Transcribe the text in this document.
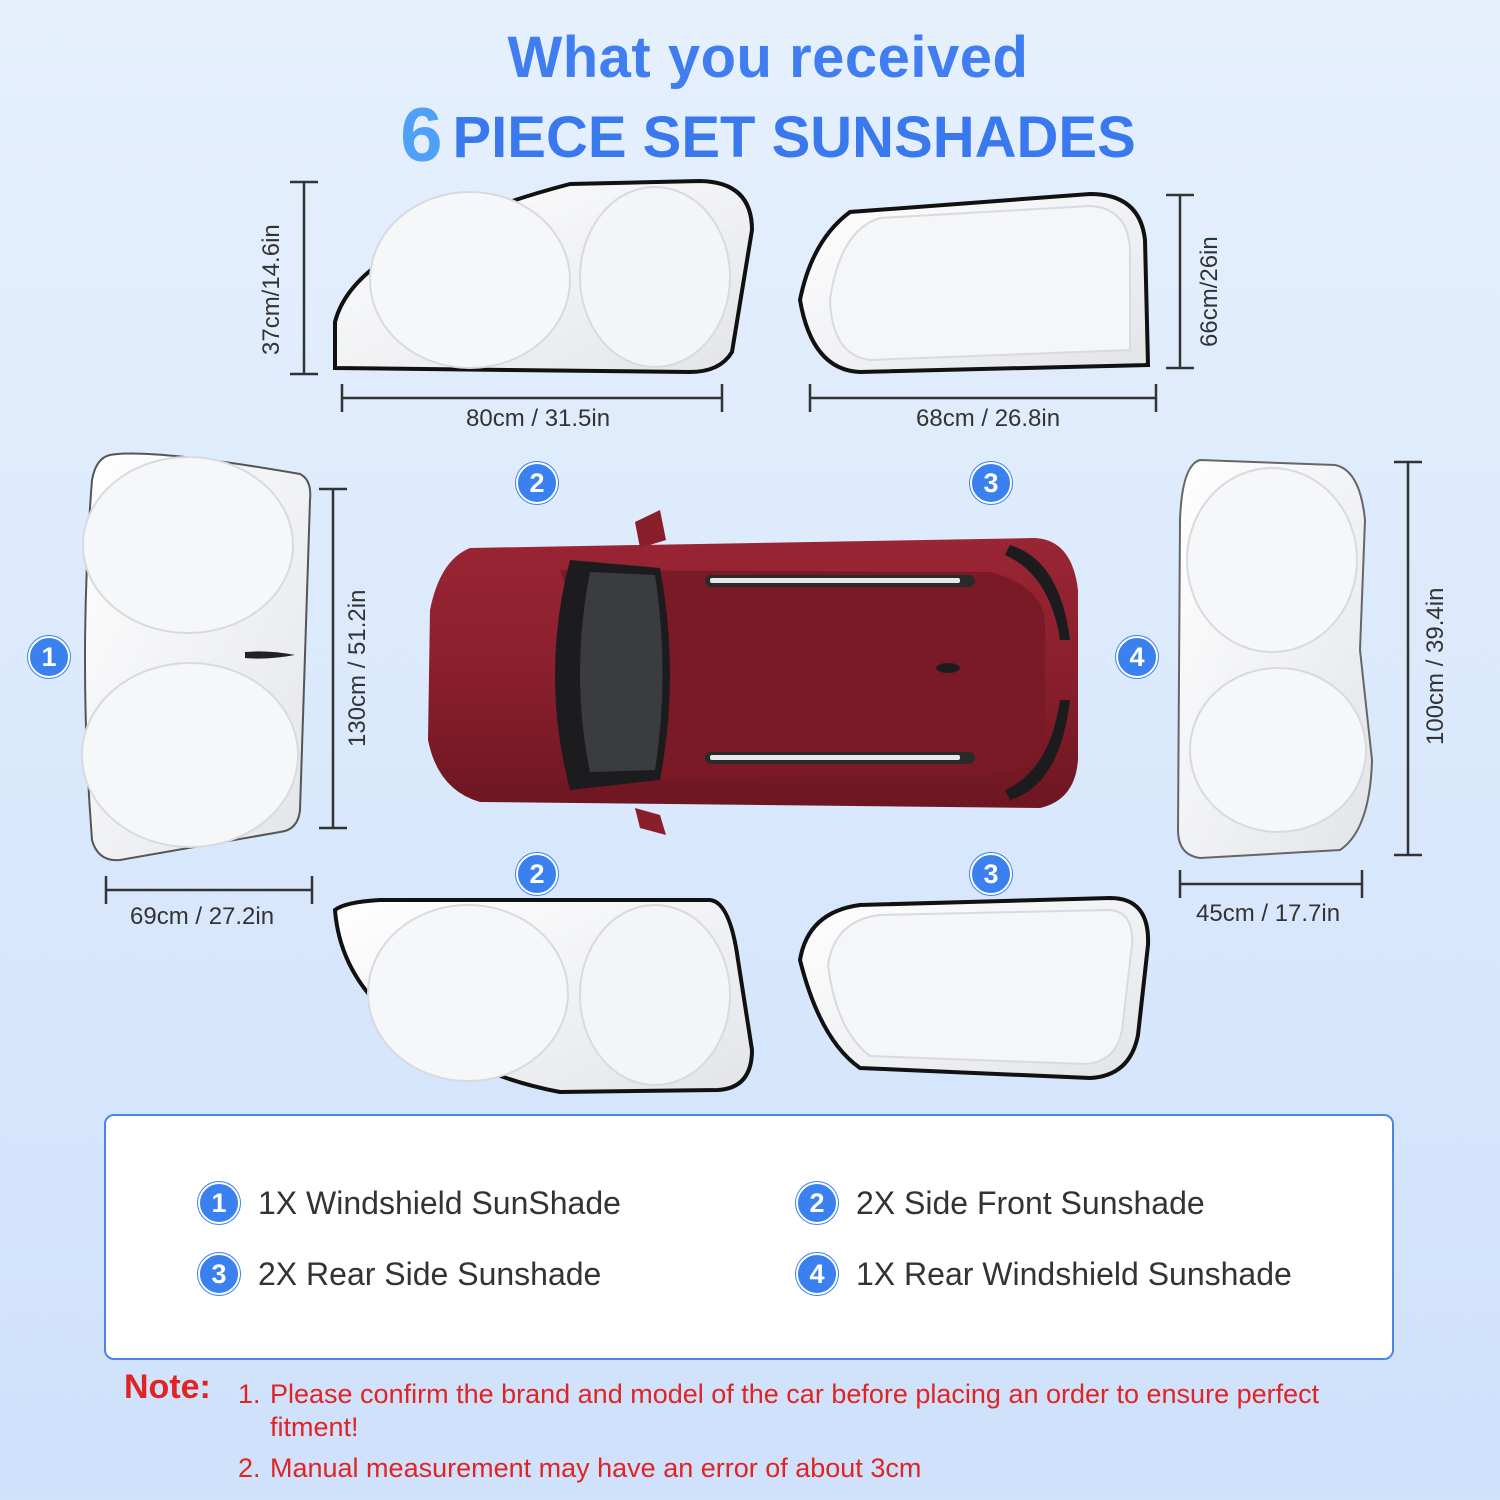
What you received
6 PIECE SET SUNSHADES
37cm/14.6in
80cm / 31.5in
66cm/26in
68cm / 26.8in
130cm / 51.2in
69cm / 27.2in
100cm / 39.4in
45cm / 17.7in
1
2	3
4
2	3
1 1X Windshield SunShade	2 2X Side Front Sunshade
3 2X Rear Side Sunshade	4 1X Rear Windshield Sunshade
Note: 1. Please confirm the brand and model of the car before placing an order to ensure perfect fitment!
2. Manual measurement may have an error of about 3cm
